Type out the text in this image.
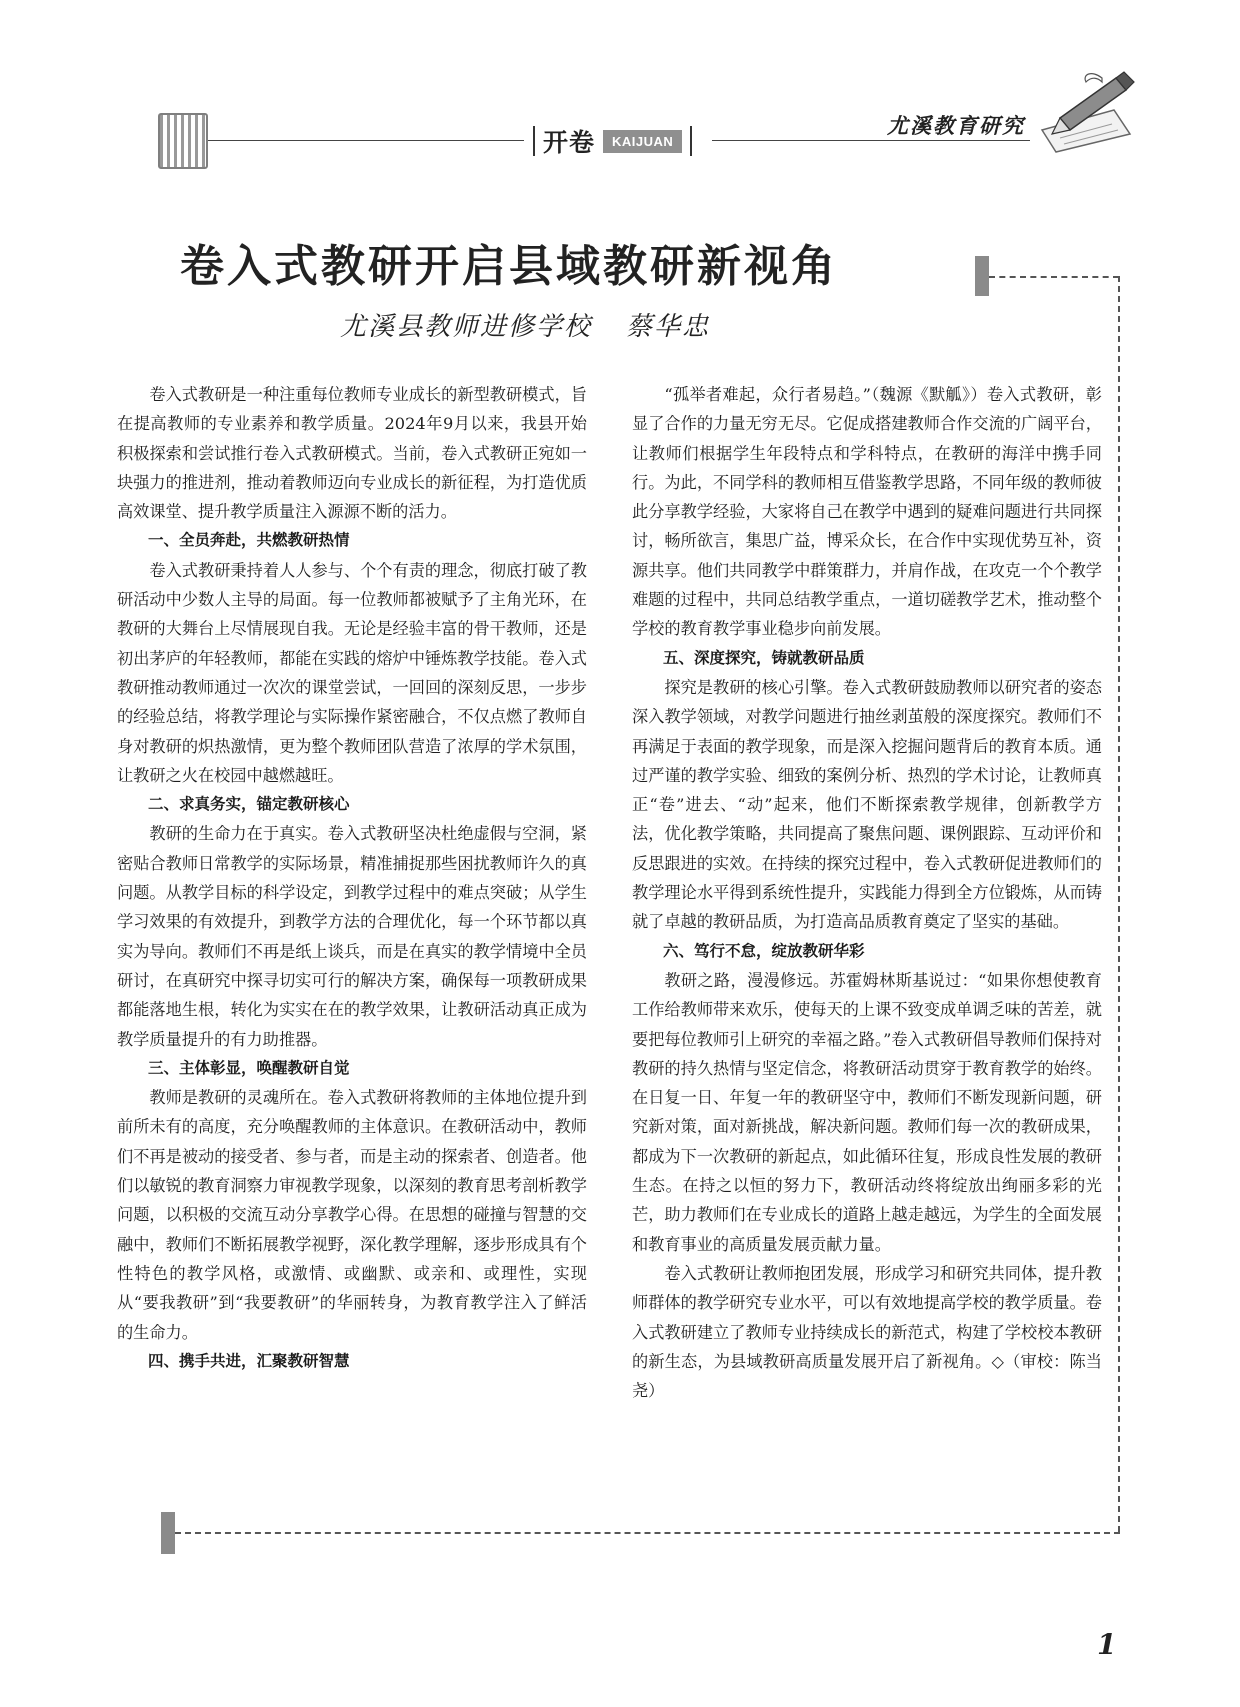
开卷	KAIJUAN
尤溪教育研究
卷入式教研开启县域教研新视角
尤溪县教师进修学校 蔡华忠

卷入式教研是一种注重每位教师专业成长的新型教研模式，旨在提高教师的专业素养和教学质量。2024年9月以来，我县开始积极探索和尝试推行卷入式教研模式。当前，卷入式教研正宛如一块强力的推进剂，推动着教师迈向专业成长的新征程，为打造优质高效课堂、提升教学质量注入源源不断的活力。

一、全员奔赴，共燃教研热情

卷入式教研秉持着人人参与、个个有责的理念，彻底打破了教研活动中少数人主导的局面。每一位教师都被赋予了主角光环，在教研的大舞台上尽情展现自我。无论是经验丰富的骨干教师，还是初出茅庐的年轻教师，都能在实践的熔炉中锤炼教学技能。卷入式教研推动教师通过一次次的课堂尝试，一回回的深刻反思，一步步的经验总结，将教学理论与实际操作紧密融合，不仅点燃了教师自身对教研的炽热激情，更为整个教师团队营造了浓厚的学术氛围，让教研之火在校园中越燃越旺。

二、求真务实，锚定教研核心

教研的生命力在于真实。卷入式教研坚决杜绝虚假与空洞，紧密贴合教师日常教学的实际场景，精准捕捉那些困扰教师许久的真问题。从教学目标的科学设定，到教学过程中的难点突破；从学生学习效果的有效提升，到教学方法的合理优化，每一个环节都以真实为导向。教师们不再是纸上谈兵，而是在真实的教学情境中全员研讨，在真研究中探寻切实可行的解决方案，确保每一项教研成果都能落地生根，转化为实实在在的教学效果，让教研活动真正成为教学质量提升的有力助推器。

三、主体彰显，唤醒教研自觉

教师是教研的灵魂所在。卷入式教研将教师的主体地位提升到前所未有的高度，充分唤醒教师的主体意识。在教研活动中，教师们不再是被动的接受者、参与者，而是主动的探索者、创造者。他们以敏锐的教育洞察力审视教学现象，以深刻的教育思考剖析教学问题，以积极的交流互动分享教学心得。在思想的碰撞与智慧的交融中，教师们不断拓展教学视野，深化教学理解，逐步形成具有个性特色的教学风格，或激情、或幽默、或亲和、或理性，实现从“要我教研”到“我要教研”的华丽转身，为教育教学注入了鲜活的生命力。

四、携手共进，汇聚教研智慧

“孤举者难起，众行者易趋。”（魏源《默觚》）卷入式教研，彰显了合作的力量无穷无尽。它促成搭建教师合作交流的广阔平台，让教师们根据学生年段特点和学科特点，在教研的海洋中携手同行。为此，不同学科的教师相互借鉴教学思路，不同年级的教师彼此分享教学经验，大家将自己在教学中遇到的疑难问题进行共同探讨，畅所欲言，集思广益，博采众长，在合作中实现优势互补，资源共享。他们共同教学中群策群力，并肩作战，在攻克一个个教学难题的过程中，共同总结教学重点，一道切磋教学艺术，推动整个学校的教育教学事业稳步向前发展。

五、深度探究，铸就教研品质

探究是教研的核心引擎。卷入式教研鼓励教师以研究者的姿态深入教学领域，对教学问题进行抽丝剥茧般的深度探究。教师们不再满足于表面的教学现象，而是深入挖掘问题背后的教育本质。通过严谨的教学实验、细致的案例分析、热烈的学术讨论，让教师真正“卷”进去、“动”起来，他们不断探索教学规律，创新教学方法，优化教学策略，共同提高了聚焦问题、课例跟踪、互动评价和反思跟进的实效。在持续的探究过程中，卷入式教研促进教师们的教学理论水平得到系统性提升，实践能力得到全方位锻炼，从而铸就了卓越的教研品质，为打造高品质教育奠定了坚实的基础。

六、笃行不怠，绽放教研华彩

教研之路，漫漫修远。苏霍姆林斯基说过：“如果你想使教育工作给教师带来欢乐，使每天的上课不致变成单调乏味的苦差，就要把每位教师引上研究的幸福之路。”卷入式教研倡导教师们保持对教研的持久热情与坚定信念，将教研活动贯穿于教育教学的始终。在日复一日、年复一年的教研坚守中，教师们不断发现新问题，研究新对策，面对新挑战，解决新问题。教师们每一次的教研成果，都成为下一次教研的新起点，如此循环往复，形成良性发展的教研生态。在持之以恒的努力下，教研活动终将绽放出绚丽多彩的光芒，助力教师们在专业成长的道路上越走越远，为学生的全面发展和教育事业的高质量发展贡献力量。

卷入式教研让教师抱团发展，形成学习和研究共同体，提升教师群体的教学研究专业水平，可以有效地提高学校的教学质量。卷入式教研建立了教师专业持续成长的新范式，构建了学校校本教研的新生态，为县域教研高质量发展开启了新视角。◇（审校：陈当尧）

1
